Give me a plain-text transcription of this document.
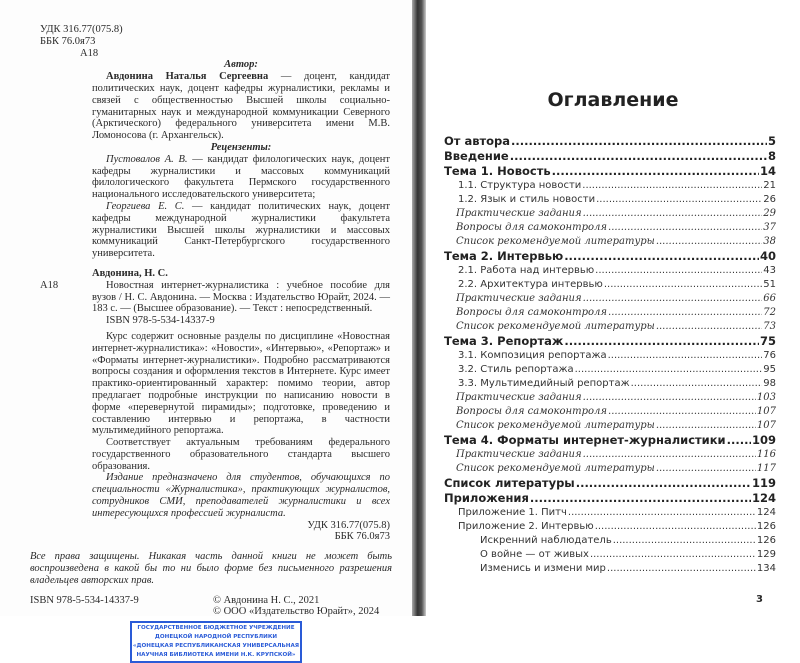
УДК 316.77(075.8)
ББК 76.0я73
А18
Автор:
Авдонина Наталья Сергеевна — доцент, кандидат политических наук, доцент кафедры журналистики, рекламы и связей с общественностью Высшей школы социально-гуманитарных наук и международной коммуникации Северного (Арктического) федерального университета имени М.В. Ломоносова (г. Архангельск).
Рецензенты:
Пустовалов А. В. — кандидат филологических наук, доцент кафедры журналистики и массовых коммуникаций филологического факультета Пермского государственного национального исследовательского университета;
Георгиева Е. С. — кандидат политических наук, доцент кафедры международной журналистики факультета журналистики Высшей школы журналистики и массовых коммуникаций Санкт-Петербургского государственного университета.
Авдонина, Н. С.
А18	Новостная интернет-журналистика : учебное пособие для вузов / Н. С. Авдонина. — Москва : Издательство Юрайт, 2024. — 183 с. — (Высшее образование). — Текст : непосредственный.
ISBN 978-5-534-14337-9
Курс содержит основные разделы по дисциплине «Новостная интернет-журналистика»: «Новости», «Интервью», «Репортаж» и «Форматы интернет-журналистики». Подробно рассматриваются вопросы создания и оформления текстов в Интернете. Курс имеет практико-ориентированный характер: помимо теории, автор предлагает подробные инструкции по написанию новости в форме «перевернутой пирамиды»; подготовке, проведению и составлению интервью и репортажа, в частности мультимедийного репортажа.
Соответствует актуальным требованиям федерального государственного образовательного стандарта высшего образования.
Издание предназначено для студентов, обучающихся по специальности «Журналистика», практикующих журналистов, сотрудников СМИ, преподавателей журналистики и всех интересующихся профессией журналиста.
УДК 316.77(075.8)
ББК 76.0я73
Все права защищены. Никакая часть данной книги не может быть воспроизведена в какой бы то ни было форме без письменного разрешения владельцев авторских прав.
ISBN 978-5-534-14337-9	© Авдонина Н. С., 2021
© ООО «Издательство Юрайт», 2024
ГОСУДАРСТВЕННОЕ БЮДЖЕТНОЕ УЧРЕЖДЕНИЕ
ДОНЕЦКОЙ НАРОДНОЙ РЕСПУБЛИКИ
«ДОНЕЦКАЯ РЕСПУБЛИКАНСКАЯ УНИВЕРСАЛЬНАЯ
НАУЧНАЯ БИБЛИОТЕКА ИМЕНИ Н.К. КРУПСКОЙ»
Оглавление
От автора .....	5
Введение .....	8
Тема 1. Новость .....	14
1.1. Структура новости .....	21
1.2. Язык и стиль новости .....	26
Практические задания .....	29
Вопросы для самоконтроля .....	37
Список рекомендуемой литературы .....	38
Тема 2. Интервью .....	40
2.1. Работа над интервью .....	43
2.2. Архитектура интервью .....	51
Практические задания .....	66
Вопросы для самоконтроля .....	72
Список рекомендуемой литературы .....	73
Тема 3. Репортаж .....	75
3.1. Композиция репортажа .....	76
3.2. Стиль репортажа .....	95
3.3. Мультимедийный репортаж .....	98
Практические задания .....	103
Вопросы для самоконтроля .....	107
Список рекомендуемой литературы .....	107
Тема 4. Форматы интернет-журналистики ..... 109
Практические задания .....	116
Список рекомендуемой литературы .....	117
Список литературы .....	119
Приложения .....	124
Приложение 1. Питч .....	124
Приложение 2. Интервью .....	126
Искренний наблюдатель .....	126
О войне — от живых .....	129
Изменись и измени мир .....	134
3
